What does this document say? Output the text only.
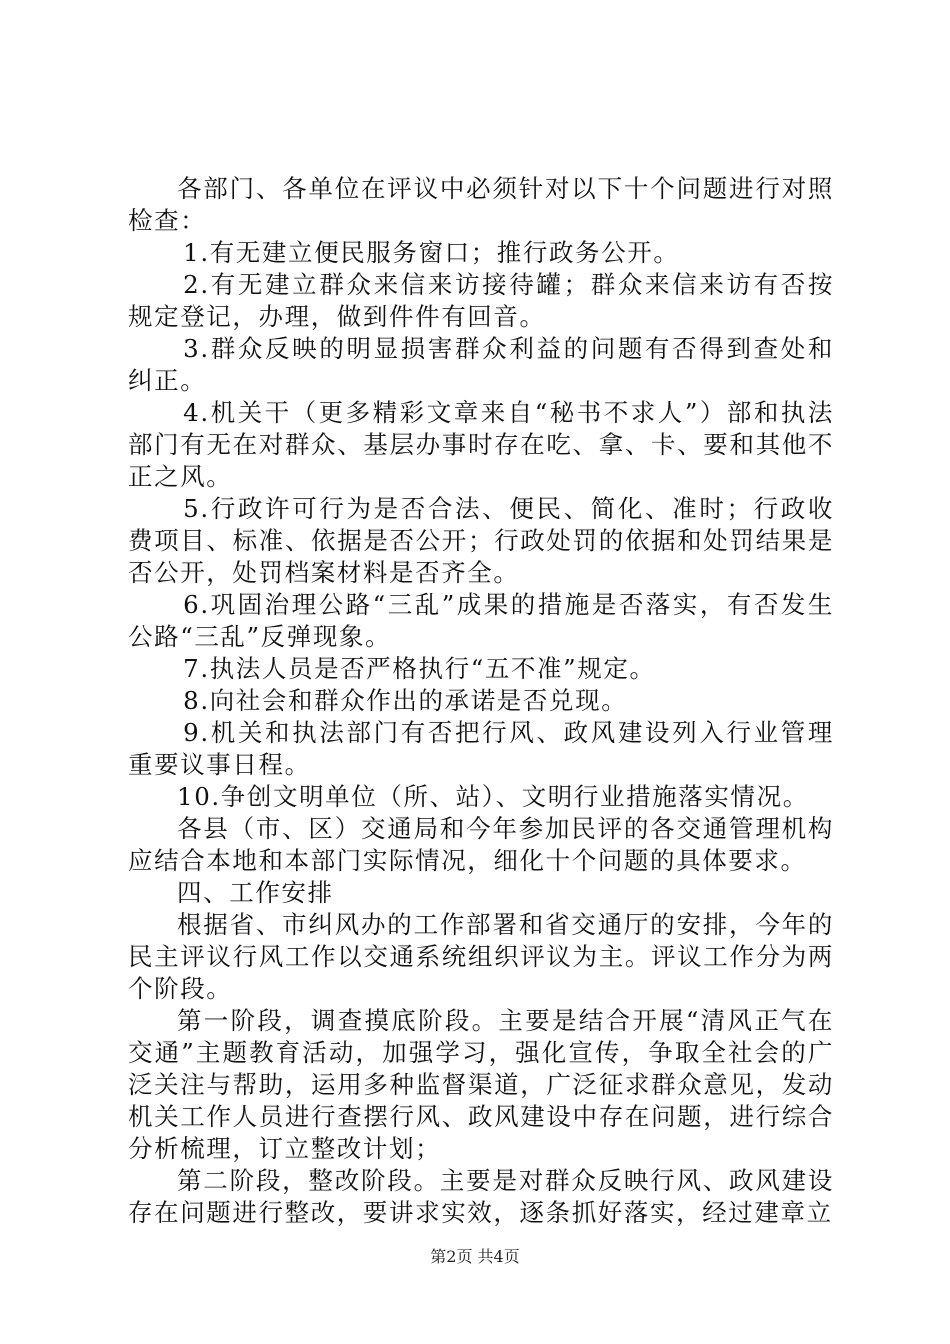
各部门、各单位在评议中必须针对以下十个问题进行对照检查：

1.有无建立便民服务窗口；推行政务公开。

2.有无建立群众来信来访接待罐；群众来信来访有否按规定登记，办理，做到件件有回音。

3.群众反映的明显损害群众利益的问题有否得到查处和纠正。

4.机关干（更多精彩文章来自“秘书不求人”）部和执法部门有无在对群众、基层办事时存在吃、拿、卡、要和其他不正之风。

5.行政许可行为是否合法、便民、简化、准时；行政收费项目、标准、依据是否公开；行政处罚的依据和处罚结果是否公开，处罚档案材料是否齐全。

6.巩固治理公路“三乱”成果的措施是否落实，有否发生公路“三乱”反弹现象。

7.执法人员是否严格执行“五不准”规定。

8.向社会和群众作出的承诺是否兑现。

9.机关和执法部门有否把行风、政风建设列入行业管理重要议事日程。

10.争创文明单位（所、站）、文明行业措施落实情况。

各县（市、区）交通局和今年参加民评的各交通管理机构应结合本地和本部门实际情况，细化十个问题的具体要求。

四、工作安排

根据省、市纠风办的工作部署和省交通厅的安排，今年的民主评议行风工作以交通系统组织评议为主。评议工作分为两个阶段。

第一阶段，调查摸底阶段。主要是结合开展“清风正气在交通”主题教育活动，加强学习，强化宣传，争取全社会的广泛关注与帮助，运用多种监督渠道，广泛征求群众意见，发动机关工作人员进行查摆行风、政风建设中存在问题，进行综合分析梳理，订立整改计划；

第二阶段，整改阶段。主要是对群众反映行风、政风建设存在问题进行整改，要讲求实效，逐条抓好落实，经过建章立

第2页 共4页
